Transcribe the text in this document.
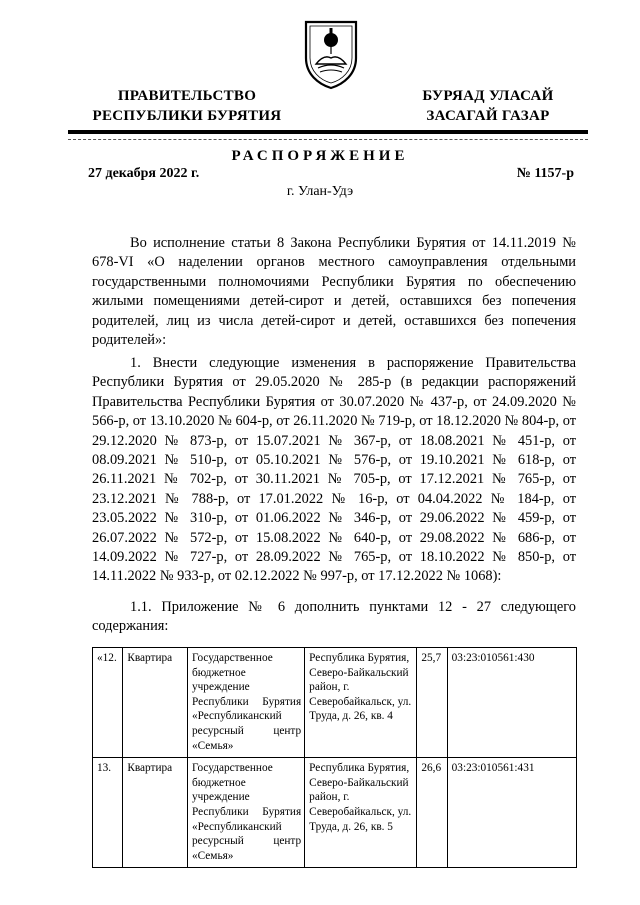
ПРАВИТЕЛЬСТВО
РЕСПУБЛИКИ БУРЯТИЯ
БУРЯАД УЛАСАЙ
ЗАСАГАЙ ГАЗАР
РАСПОРЯЖЕНИЕ
27 декабря 2022 г.	№ 1157-р
г. Улан-Удэ
Во исполнение статьи 8 Закона Республики Бурятия от 14.11.2019 № 678-VI «О наделении органов местного самоуправления отдельными государственными полномочиями Республики Бурятия по обеспечению жилыми помещениями детей-сирот и детей, оставшихся без попечения родителей, лиц из числа детей-сирот и детей, оставшихся без попечения родителей»:
1. Внести следующие изменения в распоряжение Правительства Республики Бурятия от 29.05.2020 № 285-р (в редакции распоряжений Правительства Республики Бурятия от 30.07.2020 № 437-р, от 24.09.2020 № 566-р, от 13.10.2020 № 604-р, от 26.11.2020 № 719-р, от 18.12.2020 № 804-р, от 29.12.2020 № 873-р, от 15.07.2021 № 367-р, от 18.08.2021 № 451-р, от 08.09.2021 № 510-р, от 05.10.2021 № 576-р, от 19.10.2021 № 618-р, от 26.11.2021 № 702-р, от 30.11.2021 № 705-р, от 17.12.2021 № 765-р, от 23.12.2021 № 788-р, от 17.01.2022 № 16-р, от 04.04.2022 № 184-р, от 23.05.2022 № 310-р, от 01.06.2022 № 346-р, от 29.06.2022 № 459-р, от 26.07.2022 № 572-р, от 15.08.2022 № 640-р, от 29.08.2022 № 686-р, от 14.09.2022 № 727-р, от 28.09.2022 № 765-р, от 18.10.2022 № 850-р, от 14.11.2022 № 933-р, от 02.12.2022 № 997-р, от 17.12.2022 № 1068):
1.1. Приложение № 6 дополнить пунктами 12 - 27 следующего содержания:
«12.	Квартира	Государственное бюджетное учреждение Республики Бурятия «Республиканский ресурсный центр «Семья»	Республика Бурятия, Северо-Байкальский район, г. Северобайкальск, ул. Труда, д. 26, кв. 4	25,7	03:23:010561:430
13.	Квартира	Государственное бюджетное учреждение Республики Бурятия «Республиканский ресурсный центр «Семья»	Республика Бурятия, Северо-Байкальский район, г. Северобайкальск, ул. Труда, д. 26, кв. 5	26,6	03:23:010561:431
